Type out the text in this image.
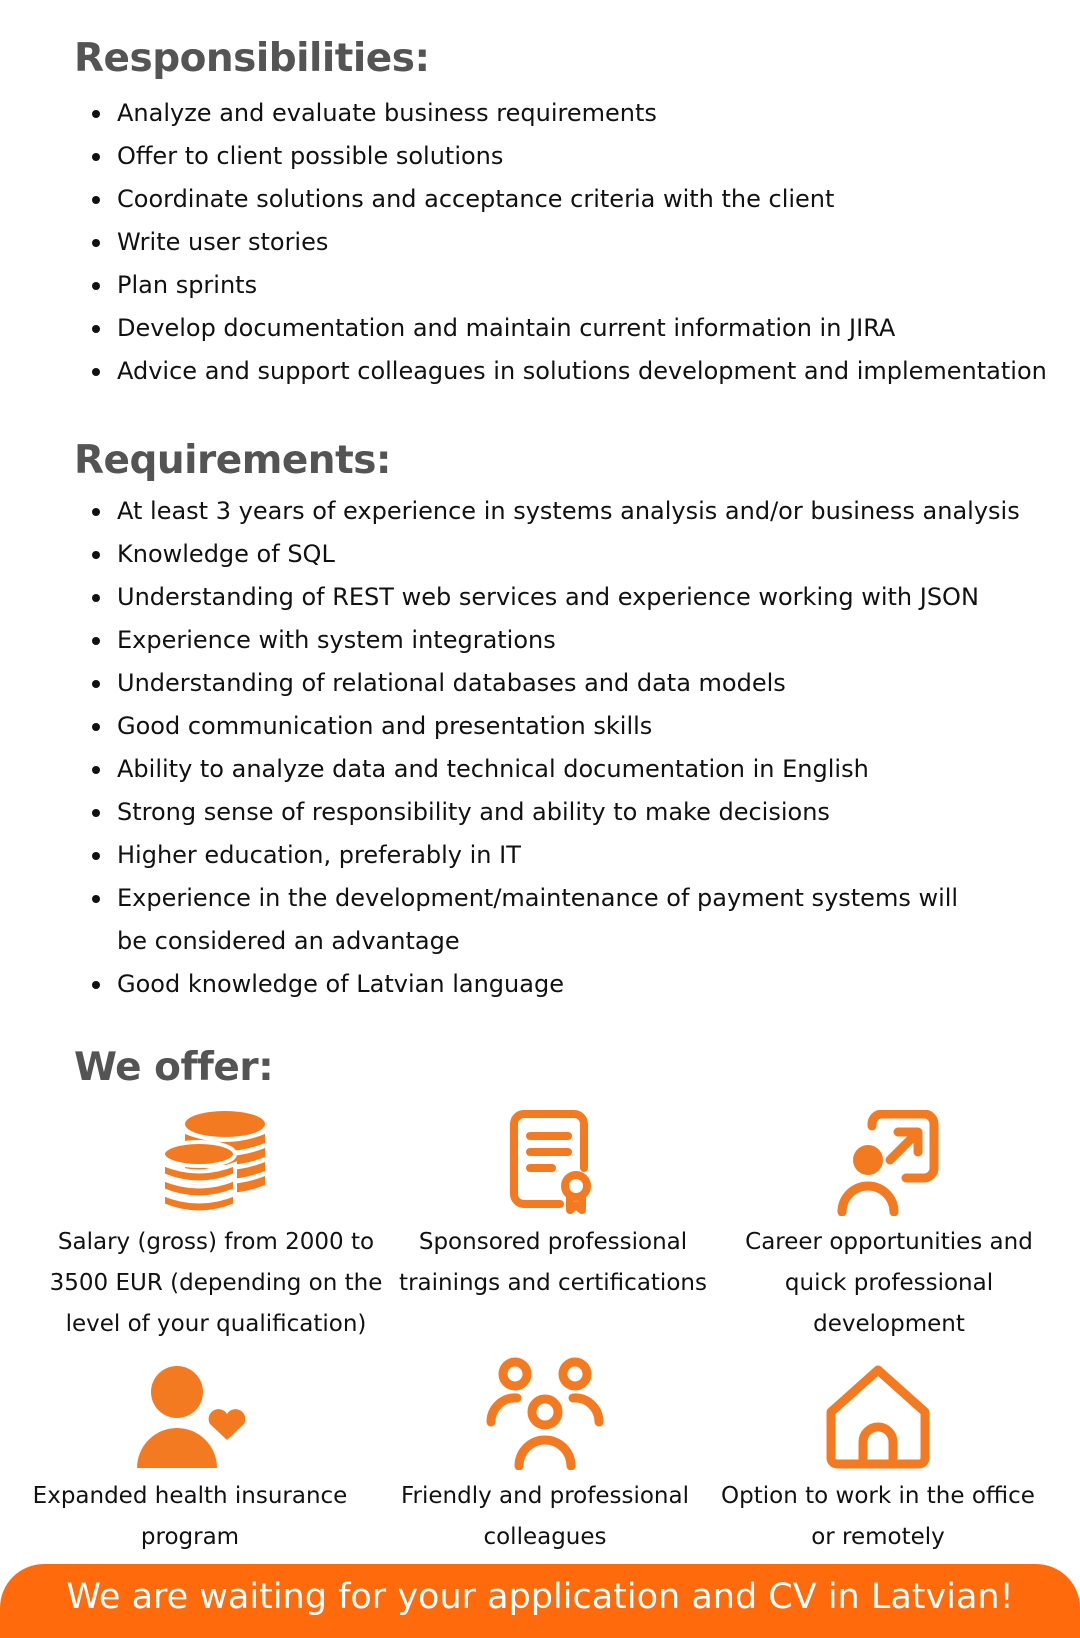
Responsibilities:
Analyze and evaluate business requirements
Offer to client possible solutions
Coordinate solutions and acceptance criteria with the client
Write user stories
Plan sprints
Develop documentation and maintain current information in JIRA
Advice and support colleagues in solutions development and implementation
Requirements:
At least 3 years of experience in systems analysis and/or business analysis
Knowledge of SQL
Understanding of REST web services and experience working with JSON
Experience with system integrations
Understanding of relational databases and data models
Good communication and presentation skills
Ability to analyze data and technical documentation in English
Strong sense of responsibility and ability to make decisions
Higher education, preferably in IT
Experience in the development/maintenance of payment systems will be considered an advantage
Good knowledge of Latvian language
We offer:
Salary (gross) from 2000 to 3500 EUR (depending on the level of your qualification)
Sponsored professional trainings and certifications
Career opportunities and quick professional development
Expanded health insurance program
Friendly and professional colleagues
Option to work in the office or remotely
We are waiting for your application and CV in Latvian!
